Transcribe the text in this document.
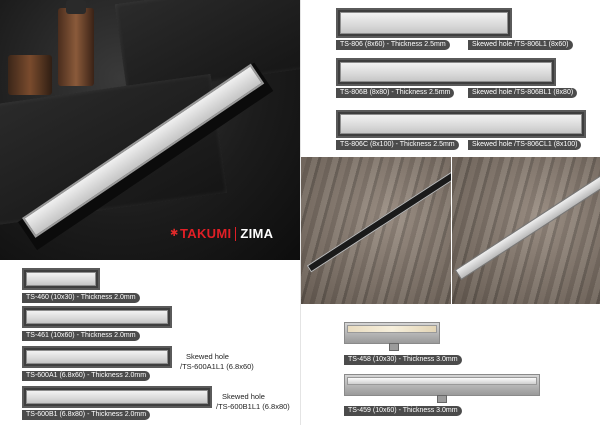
✱ TAKUMI ZIMA
TS-806 (8x60) - Thickness 2.5mm	Skewed hole /TS-806L1 (8x60)
TS-806B (8x80) - Thickness 2.5mm	Skewed hole /TS-806BL1 (8x80)
TS-806C (8x100) - Thickness 2.5mm	Skewed hole /TS-806CL1 (8x100)
TS-460 (10x30) - Thickness 2.0mm
TS-461 (10x60) - Thickness 2.0mm
TS-600A1 (6.8x60) - Thickness 2.0mm
Skewed hole
/TS-600A1L1 (6.8x60)
TS-600B1 (6.8x80) - Thickness 2.0mm
Skewed hole
/TS-600B1L1 (6.8x80)
TS-458 (10x30) - Thickness 3.0mm
TS-459 (10x60) - Thickness 3.0mm
